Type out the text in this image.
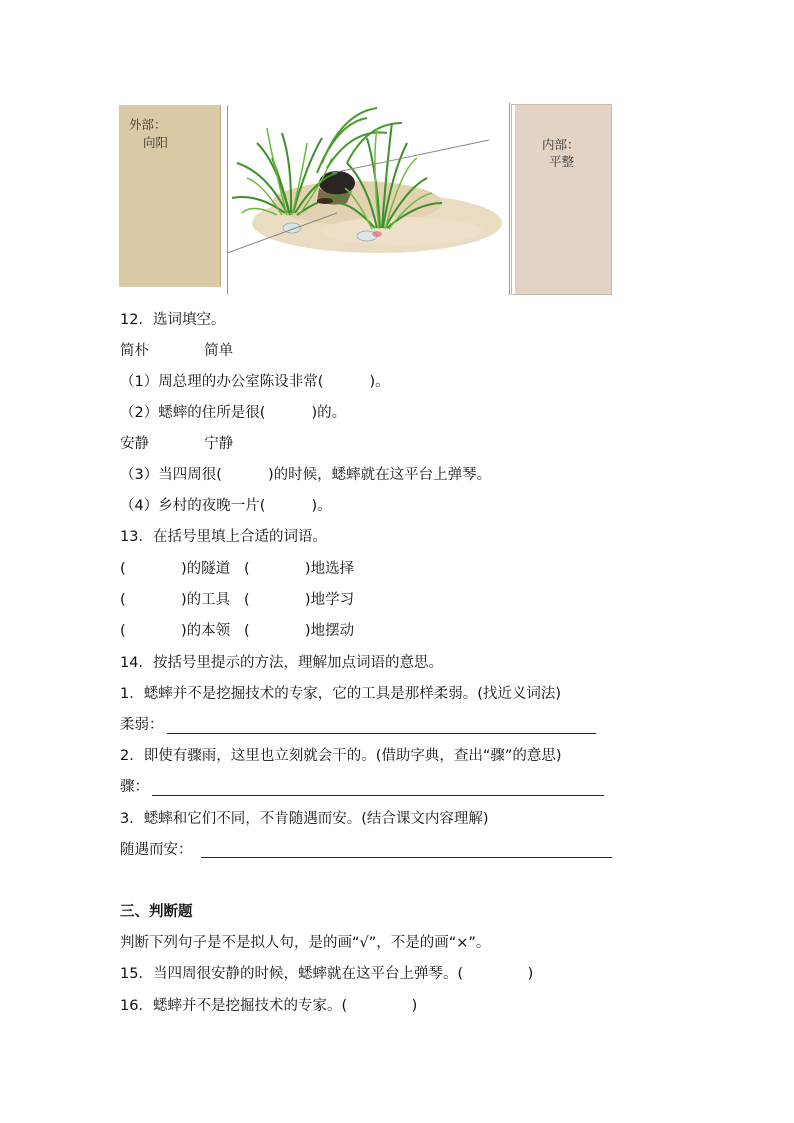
外部：
向阳	内部：
平整
12．选词填空。
简朴            简单
（1）周总理的办公室陈设非常(          )。
（2）蟋蟀的住所是很(          )的。
安静            宁静
（3）当四周很(          )的时候，蟋蟀就在这平台上弹琴。
（4）乡村的夜晚一片(          )。
13．在括号里填上合适的词语。
(            )的隧道   (            )地选择
(            )的工具   (            )地学习
(            )的本领   (            )地摆动
14．按括号里提示的方法，理解加点词语的意思。
1．蟋蟀并不是挖掘技术的专家，它的工具是那样柔弱。(找近义词法)
柔弱：
2．即使有骤雨，这里也立刻就会干的。(借助字典，查出“骤”的意思)
骤：
3．蟋蟀和它们不同，不肯随遇而安。(结合课文内容理解)
随遇而安：
三、判断题
判断下列句子是不是拟人句，是的画“√”，不是的画“×”。
15．当四周很安静的时候，蟋蟀就在这平台上弹琴。(              )
16．蟋蟀并不是挖掘技术的专家。(              )
